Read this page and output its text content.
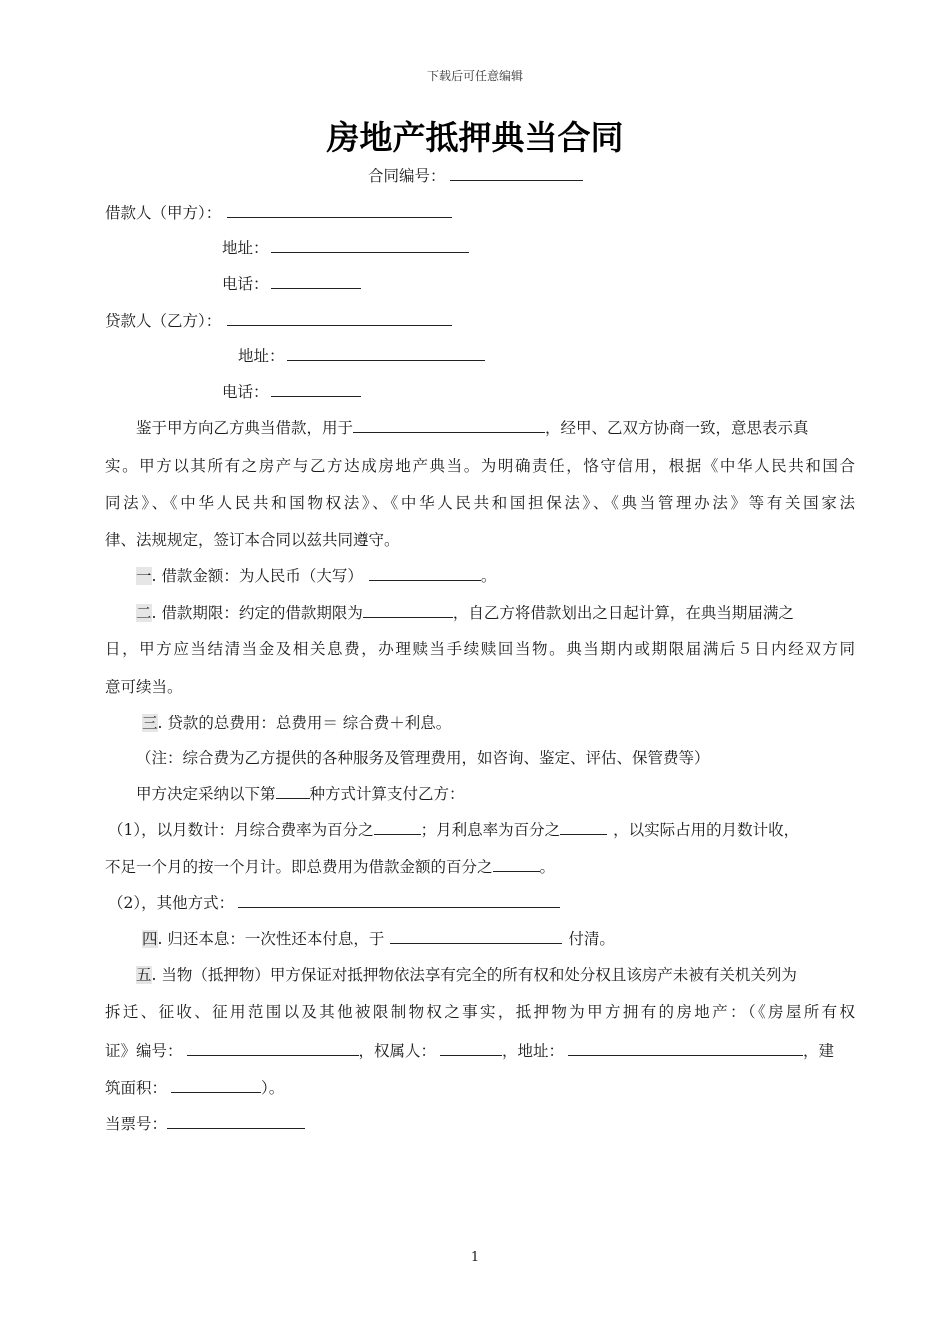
下载后可任意编辑
房地产抵押典当合同
合同编号：
借款人（甲方）：
地址：
电话：
贷款人（乙方）：
地址：
电话：
鉴于甲方向乙方典当借款，用于	，经甲、乙双方协商一致，意思表示真
实。甲方以其所有之房产与乙方达成房地产典当。为明确责任，恪守信用，根据《中华人民共和国合
同法》、《中华人民共和国物权法》、《中华人民共和国担保法》、《典当管理办法》等有关国家法
律、法规规定，签订本合同以兹共同遵守。
一. 借款金额：为人民币（大写）	。
二. 借款期限：约定的借款期限为	，自乙方将借款划出之日起计算，在典当期届满之
日，甲方应当结清当金及相关息费，办理赎当手续赎回当物。典当期内或期限届满后５日内经双方同
意可续当。
三. 贷款的总费用：总费用＝ 综合费＋利息。
（注：综合费为乙方提供的各种服务及管理费用，如咨询、鉴定、评估、保管费等）
甲方决定采纳以下第 种方式计算支付乙方：
（1），以月数计：月综合费率为百分之	；月利息率为百分之	，以实际占用的月数计收，
不足一个月的按一个月计。即总费用为借款金额的百分之	。
（2），其他方式：
四. 归还本息：一次性还本付息，于	付清。
五. 当物（抵押物）甲方保证对抵押物依法享有完全的所有权和处分权且该房产未被有关机关列为
拆迁、征收、征用范围以及其他被限制物权之事实，抵押物为甲方拥有的房地产：（《房屋所有权
证》编号：	，权属人：	，地址：	，建
筑面积：	）。
当票号：
1
